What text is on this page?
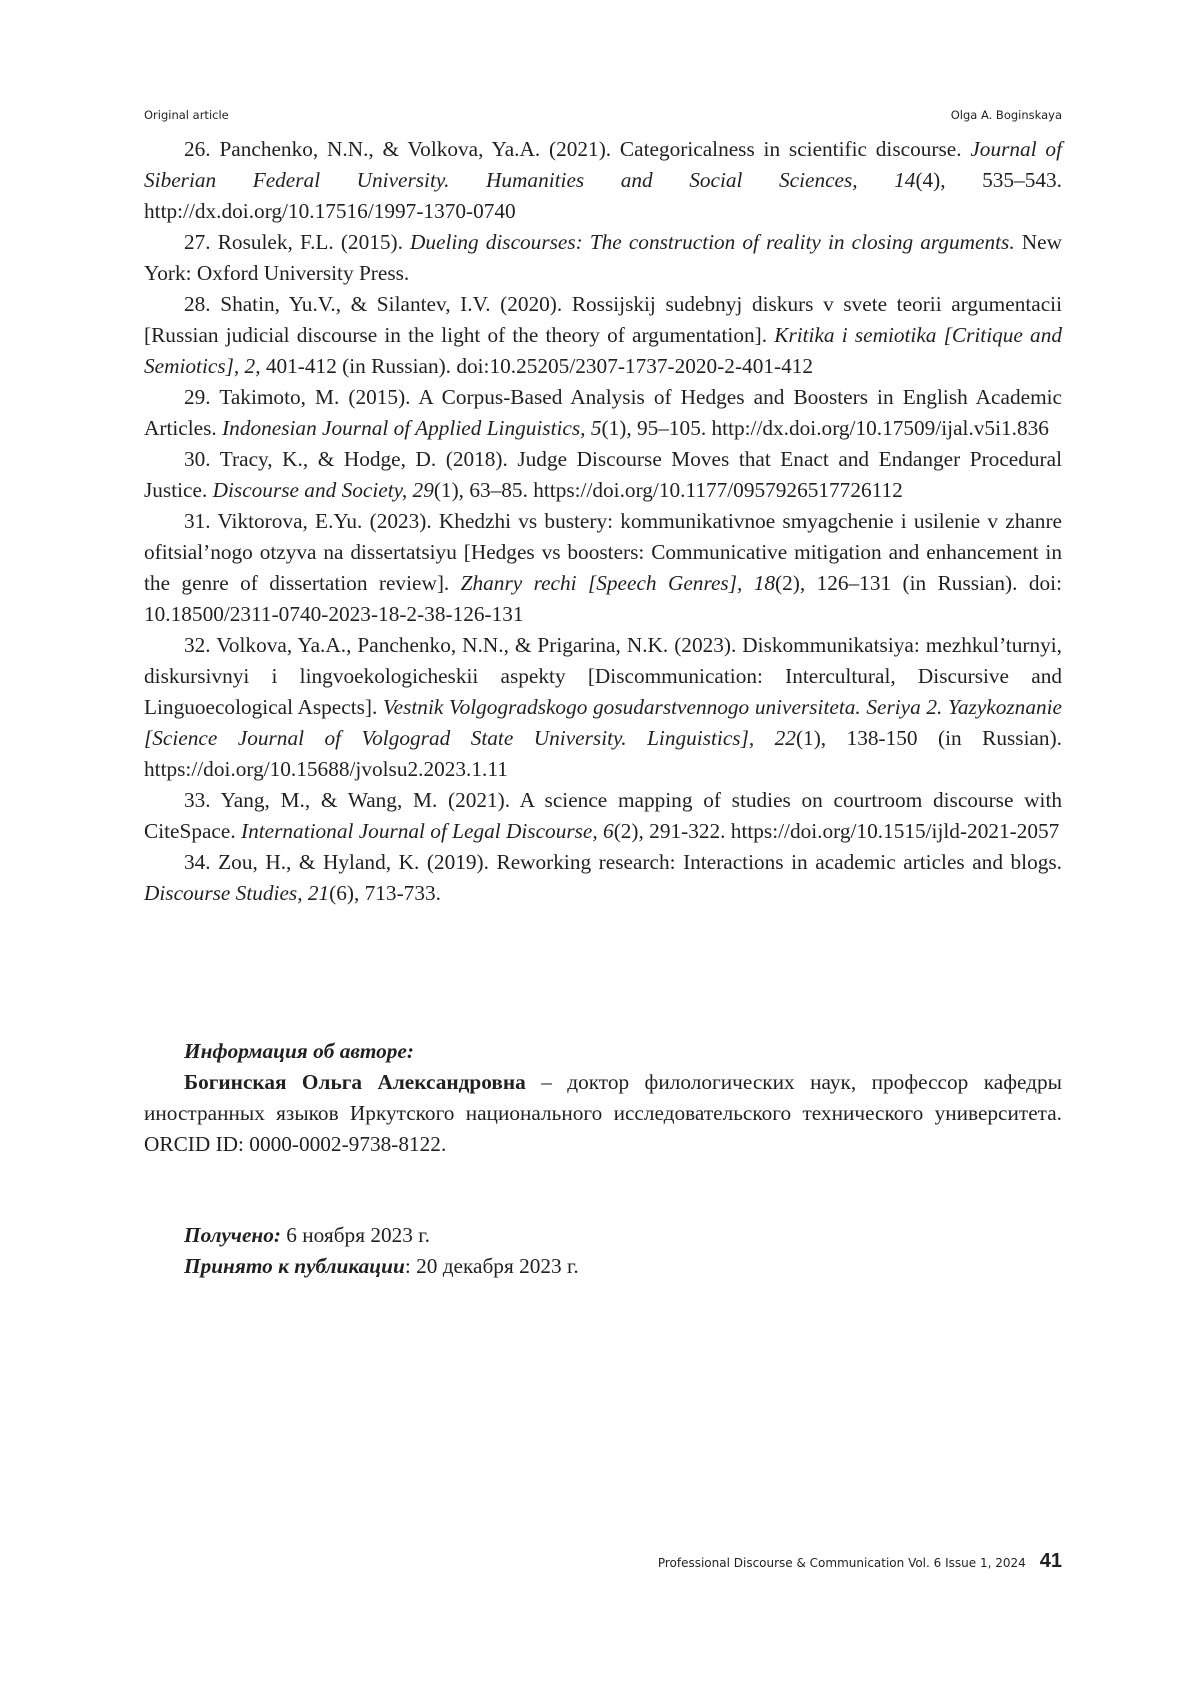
Original article	Olga A. Boginskaya

26. Panchenko, N.N., & Volkova, Ya.A. (2021). Categoricalness in scientific discourse. Journal of Siberian Federal University. Humanities and Social Sciences, 14(4), 535–543. http://dx.doi.org/10.17516/1997-1370-0740

27. Rosulek, F.L. (2015). Dueling discourses: The construction of reality in closing arguments. New York: Oxford University Press.

28. Shatin, Yu.V., & Silantev, I.V. (2020). Rossijskij sudebnyj diskurs v svete teorii argumentacii [Russian judicial discourse in the light of the theory of argumentation]. Kritika i semiotika [Critique and Semiotics], 2, 401-412 (in Russian). doi:10.25205/2307-1737-2020-2-401-412

29. Takimoto, M. (2015). A Corpus-Based Analysis of Hedges and Boosters in English Academic Articles. Indonesian Journal of Applied Linguistics, 5(1), 95–105. http://dx.doi.org/10.17509/ijal.v5i1.836

30. Tracy, K., & Hodge, D. (2018). Judge Discourse Moves that Enact and Endanger Procedural Justice. Discourse and Society, 29(1), 63–85. https://doi.org/10.1177/0957926517726112

31. Viktorova, E.Yu. (2023). Khedzhi vs bustery: kommunikativnoe smyagchenie i usilenie v zhanre ofitsial’nogo otzyva na dissertatsiyu [Hedges vs boosters: Communicative mitigation and enhancement in the genre of dissertation review]. Zhanry rechi [Speech Genres], 18(2), 126–131 (in Russian). doi: 10.18500/2311-0740-2023-18-2-38-126-131

32. Volkova, Ya.A., Panchenko, N.N., & Prigarina, N.K. (2023). Diskommunikatsiya: mezhkul’turnyi, diskursivnyi i lingvoekologicheskii aspekty [Discommunication: Intercultural, Discursive and Linguoecological Aspects]. Vestnik Volgogradskogo gosudarstvennogo universiteta. Seriya 2. Yazykoznanie [Science Journal of Volgograd State University. Linguistics], 22(1), 138-150 (in Russian). https://doi.org/10.15688/jvolsu2.2023.1.11

33. Yang, M., & Wang, M. (2021). A science mapping of studies on courtroom discourse with CiteSpace. International Journal of Legal Discourse, 6(2), 291-322. https://doi.org/10.1515/ijld-2021-2057

34. Zou, H., & Hyland, K. (2019). Reworking research: Interactions in academic articles and blogs. Discourse Studies, 21(6), 713-733.

Информация об авторе:

Богинская Ольга Александровна – доктор филологических наук, профессор кафедры иностранных языков Иркутского национального исследовательского технического университета. ORCID ID: 0000-0002-9738-8122.

Получено: 6 ноября 2023 г.

Принято к публикации: 20 декабря 2023 г.

Professional Discourse & Communication Vol. 6 Issue 1, 2024 41
